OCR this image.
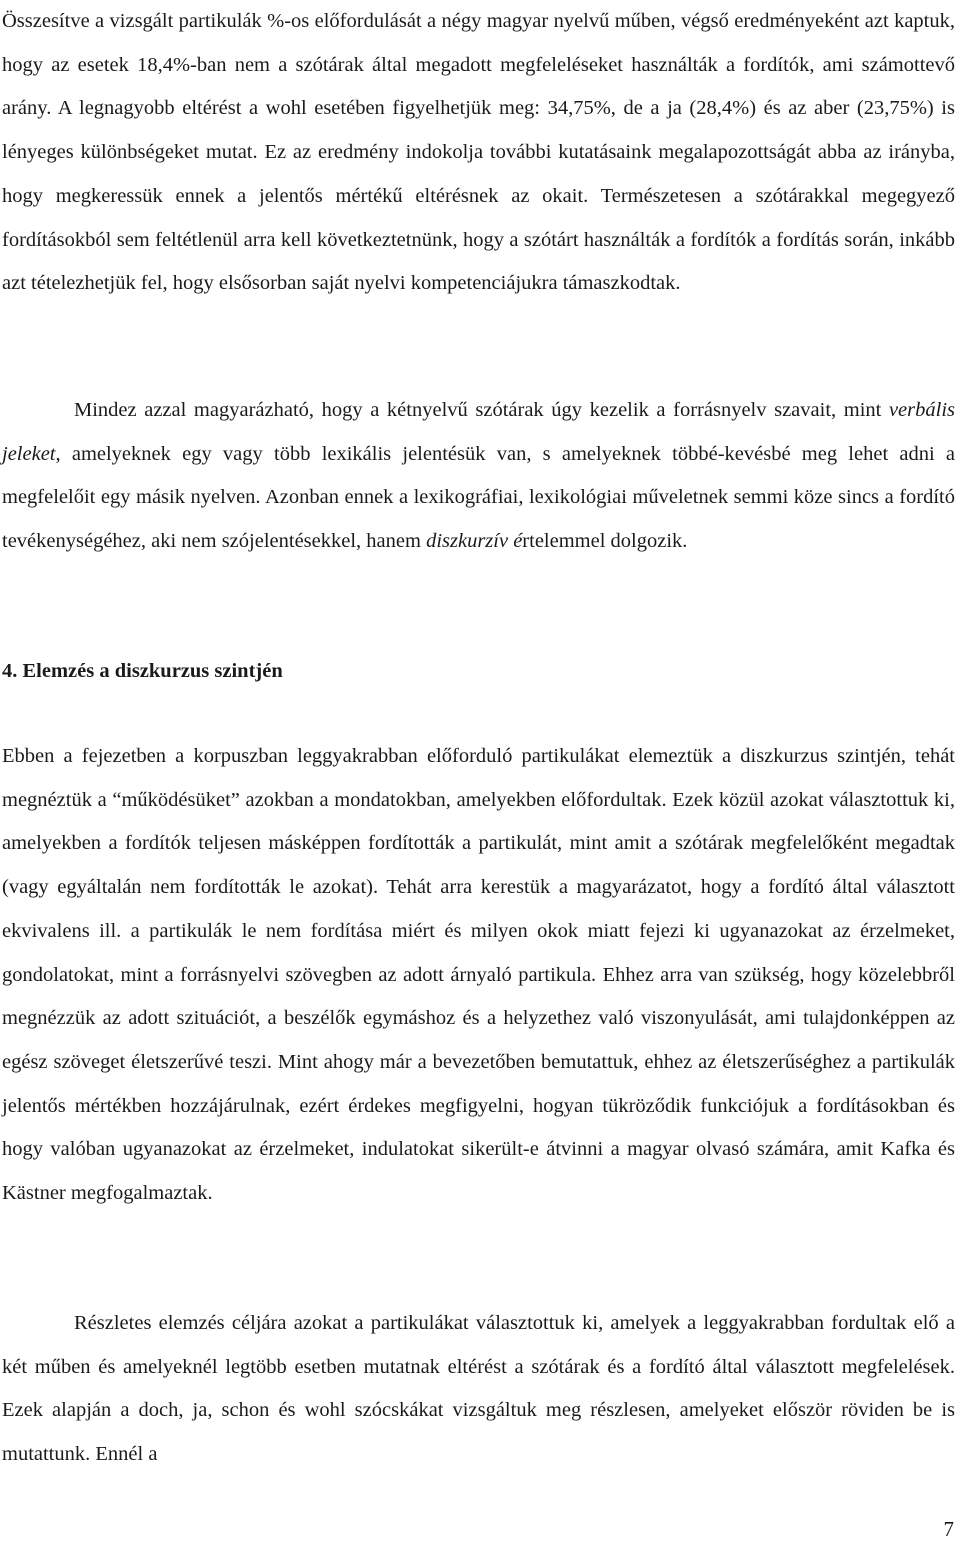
Összesítve a vizsgált partikulák %-os előfordulását a négy magyar nyelvű műben, végső eredményeként azt kaptuk, hogy az esetek 18,4%-ban nem a szótárak által megadott megfeleléseket használták a fordítók, ami számottevő arány. A legnagyobb eltérést a wohl esetében figyelhetjük meg: 34,75%, de a ja (28,4%) és az aber (23,75%) is lényeges különbségeket mutat. Ez az eredmény indokolja további kutatásaink megalapozottságát abba az irányba, hogy megkeressük ennek a jelentős mértékű eltérésnek az okait. Természetesen a szótárakkal megegyező fordításokból sem feltétlenül arra kell következtetnünk, hogy a szótárt használták a fordítók a fordítás során, inkább azt tételezhetjük fel, hogy elsősorban saját nyelvi kompetenciájukra támaszkodtak.

Mindez azzal magyarázható, hogy a kétnyelvű szótárak úgy kezelik a forrásnyelv szavait, mint verbális jeleket, amelyeknek egy vagy több lexikális jelentésük van, s amelyeknek többé-kevésbé meg lehet adni a megfelelőit egy másik nyelven. Azonban ennek a lexikográfiai, lexikológiai műveletnek semmi köze sincs a fordító tevékenységéhez, aki nem szójelentésekkel, hanem diszkurzív értelemmel dolgozik.

4. Elemzés a diszkurzus szintjén

Ebben a fejezetben a korpuszban leggyakrabban előforduló partikulákat elemeztük a diszkurzus szintjén, tehát megnéztük a “működésüket” azokban a mondatokban, amelyekben előfordultak. Ezek közül azokat választottuk ki, amelyekben a fordítók teljesen másképpen fordították a partikulát, mint amit a szótárak megfelelőként megadtak (vagy egyáltalán nem fordították le azokat). Tehát arra kerestük a magyarázatot, hogy a fordító által választott ekvivalens ill. a partikulák le nem fordítása miért és milyen okok miatt fejezi ki ugyanazokat az érzelmeket, gondolatokat, mint a forrásnyelvi szövegben az adott árnyaló partikula. Ehhez arra van szükség, hogy közelebbről megnézzük az adott szituációt, a beszélők egymáshoz és a helyzethez való viszonyulását, ami tulajdonképpen az egész szöveget életszerűvé teszi. Mint ahogy már a bevezetőben bemutattuk, ehhez az életszerűséghez a partikulák jelentős mértékben hozzájárulnak, ezért érdekes megfigyelni, hogyan tükröződik funkciójuk a fordításokban és hogy valóban ugyanazokat az érzelmeket, indulatokat sikerült-e átvinni a magyar olvasó számára, amit Kafka és Kästner megfogalmaztak.

Részletes elemzés céljára azokat a partikulákat választottuk ki, amelyek a leggyakrabban fordultak elő a két műben és amelyeknél legtöbb esetben mutatnak eltérést a szótárak és a fordító által választott megfelelések. Ezek alapján a doch, ja, schon és wohl szócskákat vizsgáltuk meg részlesen, amelyeket először röviden be is mutattunk. Ennél a

7
